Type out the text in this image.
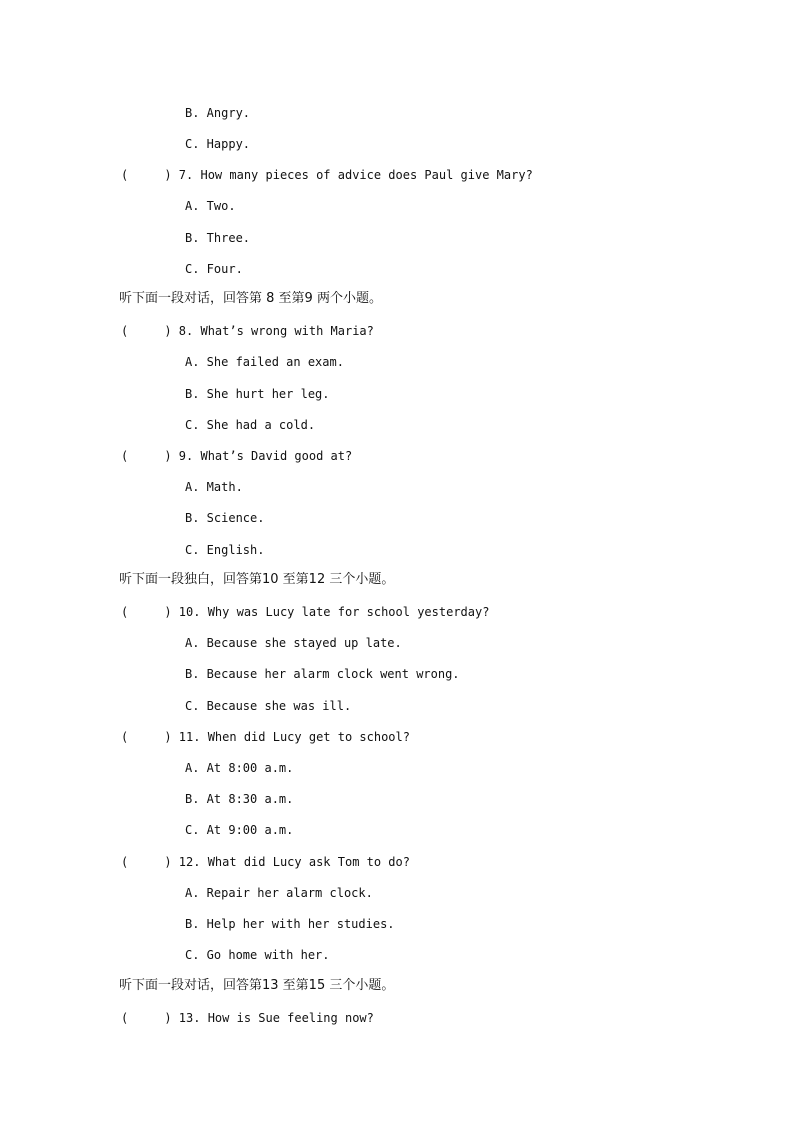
B. Angry.
C. Happy.
(     ) 7. How many pieces of advice does Paul give Mary?
A. Two.
B. Three.
C. Four.
听下面一段对话，回答第 8 至第9 两个小题。
(     ) 8. What’s wrong with Maria?
A. She failed an exam.
B. She hurt her leg.
C. She had a cold.
(     ) 9. What’s David good at?
A. Math.
B. Science.
C. English.
听下面一段独白，回答第10 至第12 三个小题。
(     ) 10. Why was Lucy late for school yesterday?
A. Because she stayed up late.
B. Because her alarm clock went wrong.
C. Because she was ill.
(     ) 11. When did Lucy get to school?
A. At 8:00 a.m.
B. At 8:30 a.m.
C. At 9:00 a.m.
(     ) 12. What did Lucy ask Tom to do?
A. Repair her alarm clock.
B. Help her with her studies.
C. Go home with her.
听下面一段对话，回答第13 至第15 三个小题。
(     ) 13. How is Sue feeling now?
